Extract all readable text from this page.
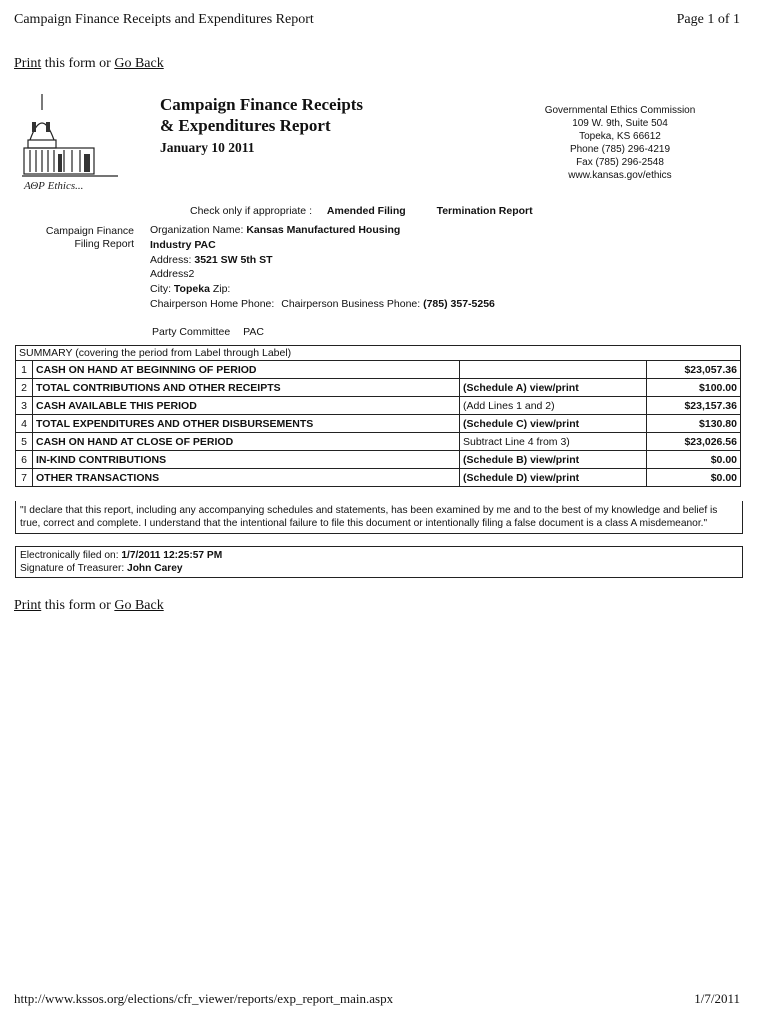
Campaign Finance Receipts and Expenditures Report	Page 1 of 1
Print this form or Go Back
ΑΘΡ Ethics...
Campaign Finance Receipts
& Expenditures Report
January 10 2011
Governmental Ethics Commission
109 W. 9th, Suite 504
Topeka, KS 66612
Phone (785) 296-4219
Fax (785) 296-2548
www.kansas.gov/ethics
Check only if appropriate : Amended Filing	Termination Report
Campaign Finance
Filing Report
Organization Name: Kansas Manufactured Housing
Industry PAC
Address: 3521 SW 5th ST
Address2
City: Topeka Zip:
Chairperson Home Phone: Chairperson Business Phone: (785) 357-5256
Party Committee PAC
SUMMARY (covering the period from Label through Label)			
1	CASH ON HAND AT BEGINNING OF PERIOD		$23,057.36
2	TOTAL CONTRIBUTIONS AND OTHER RECEIPTS	(Schedule A) view/print	$100.00
3	CASH AVAILABLE THIS PERIOD	(Add Lines 1 and 2)	$23,157.36
4	TOTAL EXPENDITURES AND OTHER DISBURSEMENTS	(Schedule C) view/print	$130.80
5	CASH ON HAND AT CLOSE OF PERIOD	Subtract Line 4 from 3)	$23,026.56
6	IN-KIND CONTRIBUTIONS	(Schedule B) view/print	$0.00
7	OTHER TRANSACTIONS	(Schedule D) view/print	$0.00
"I declare that this report, including any accompanying schedules and statements, has been examined by me and to the best of my knowledge and belief is true, correct and complete. I understand that the intentional failure to file this document or intentionally filing a false document is a class A misdemeanor."
Electronically filed on: 1/7/2011 12:25:57 PM
Signature of Treasurer: John Carey
Print this form or Go Back
http://www.kssos.org/elections/cfr_viewer/reports/exp_report_main.aspx	1/7/2011
